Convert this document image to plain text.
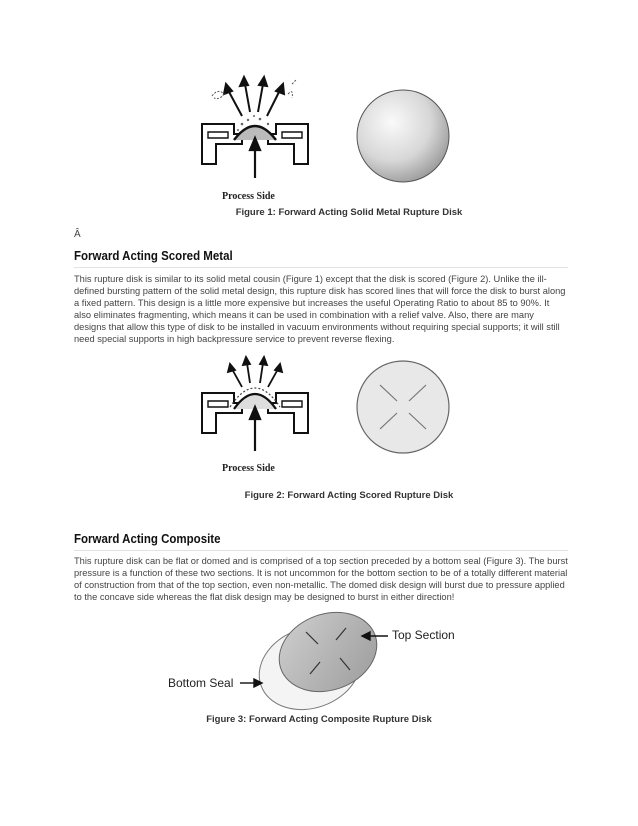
Process Side
Figure 1: Forward Acting Solid Metal Rupture Disk
Â
Forward Acting Scored Metal

This rupture disk is similar to its solid metal cousin (Figure 1) except that the disk is scored (Figure 2). Unlike the ill-defined bursting pattern of the solid metal design, this rupture disk has scored lines that will force the disk to burst along a fixed pattern. This design is a little more expensive but increases the useful Operating Ratio to about 85 to 90%. It also eliminates fragmenting, which means it can be used in combination with a relief valve. Also, there are many designs that allow this type of disk to be installed in vacuum environments without requiring special supports; it will still need special supports in high backpressure service to prevent reverse flexing.

Process Side
Figure 2: Forward Acting Scored Rupture Disk
Forward Acting Composite

This rupture disk can be flat or domed and is comprised of a top section preceded by a bottom seal (Figure 3). The burst pressure is a function of these two sections. It is not uncommon for the bottom section to be of a totally different material of construction from that of the top section, even non-metallic. The domed disk design will burst due to pressure applied to the concave side whereas the flat disk design may be designed to burst in either direction!

Top Section
Bottom Seal
Figure 3: Forward Acting Composite Rupture Disk
